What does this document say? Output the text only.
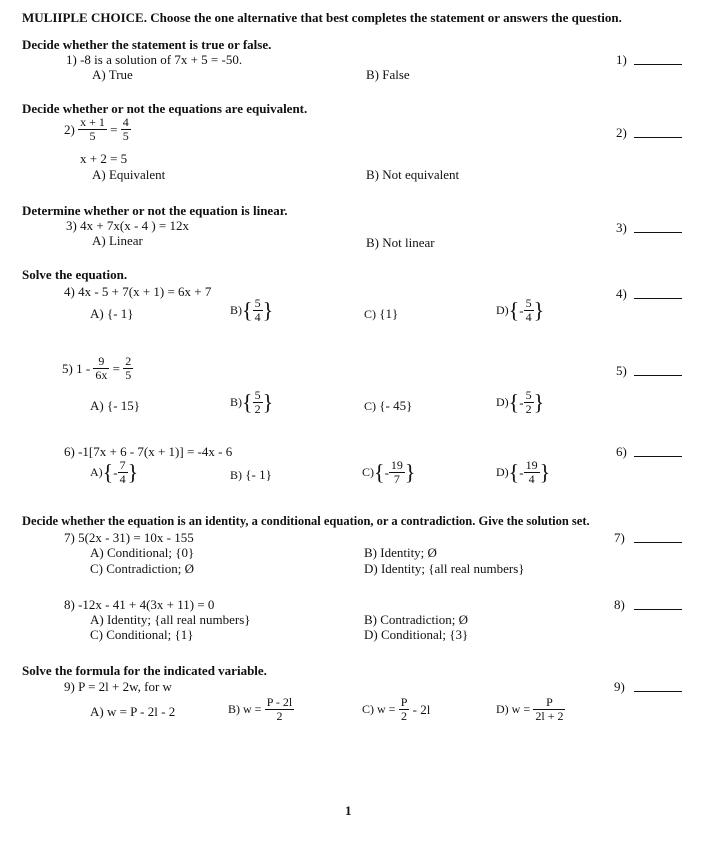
MULIIPLE CHOICE. Choose the one alternative that best completes the statement or answers the question.
Decide whether the statement is true or false.
1) -8 is a solution of 7x + 5 = -50.
A) True	B) False
1)
Decide whether or not the equations are equivalent.
$2) \frac{x + 1}{5} = \frac{4}{5}$
x + 2 = 5
A) Equivalent	B) Not equivalent
2)
Determine whether or not the equation is linear.
3) 4x + 7x(x - 4 ) = 12x
A) Linear	B) Not linear
3)
Solve the equation.
4) 4x - 5 + 7(x + 1) = 6x + 7	4)
A) {- 1}	$B)\{ \frac{5}{4}$ }	C) {1}	$D)\{- \frac{5}{4}$ }
5) $1 - \frac{9}{6x} = \frac{2}{5}$	5)
A) {- 15}	$B)\{ \frac{5}{2}$ }	C) {- 45}	$D)\{- \frac{5}{2}$ }
6) -1[7x + 6 - 7(x + 1)] = -4x - 6	6)
$A)\{- \frac{7}{4}$ }	B) {- 1}	$C)\{- \frac{19}{7}$ }	$D)\{- \frac{19}{4}$ }
Decide whether the equation is an identity, a conditional equation, or a contradiction. Give the solution set.
7) 5(2x - 31) = 10x - 155	7)
A) Conditional; {0}	B) Identity; Ø
C) Contradiction; Ø	D) Identity; {all real numbers}
8) -12x - 41 + 4(3x + 11) = 0	8)
A) Identity; {all real numbers}	B) Contradiction; Ø
C) Conditional; {1}	D) Conditional; {3}
Solve the formula for the indicated variable.
9) P = 2l + 2w, for w	9)
A) w = P - 2l - 2	B) $w = \frac{P - 2l}{2}$	C) $w = \frac{P}{2} - 2l$	D) $w = \frac{P}{2l + 2}$
1
